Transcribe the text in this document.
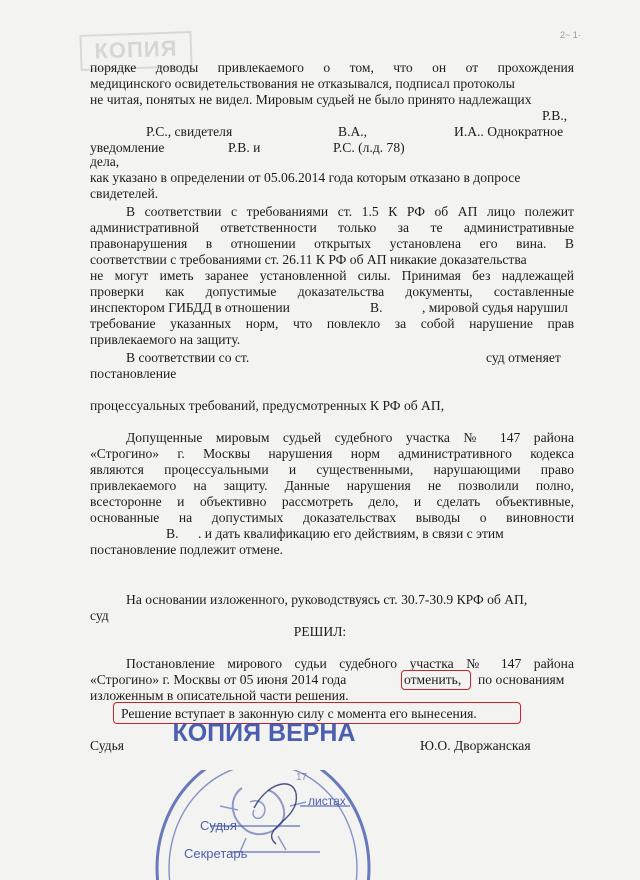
КОПИЯ
2~ 1·
порядке доводы привлекаемого о том, что он от прохождения
медицинского освидетельствования не отказывался, подписал протоколы
не читая, понятых не видел. Мировым судьей не было принято надлежащих
Р.В.,
Р.С., свидетеля	В.А.,	И.А.. Однократное
уведомление	Р.В. и	Р.С. (л.д. 78)
дела,
как указано в определении от 05.06.2014 года которым отказано в допросе
свидетелей.
В соответствии с требованиями ст. 1.5 К РФ об АП лицо полежит
административной ответственности только за те административные
правонарушения в отношении открытых установлена его вина. В
соответствии с требованиями ст. 26.11 К РФ об АП никакие доказательства
не могут иметь заранее установленной силы. Принимая без надлежащей
проверки как допустимые доказательства документы, составленные
инспектором ГИБДД в отношении	В.	, мировой судья нарушил
требование указанных норм, что повлекло за собой нарушение прав
привлекаемого на защиту.
В соответствии со ст.	суд отменяет
постановление
процессуальных требований, предусмотренных К РФ об АП,
Допущенные мировым судьей судебного участка № 147 района
«Строгино» г. Москвы нарушения норм административного кодекса
являются процессуальными и существенными, нарушающими право
привлекаемого на защиту. Данные нарушения не позволили полно,
всесторонне и объективно рассмотреть дело, и сделать объективные,
основанные на допустимых доказательствах выводы о виновности
В. . и дать квалификацию его действиям, в связи с этим
постановление подлежит отмене.
На основании изложенного, руководствуясь ст. 30.7-30.9 КРФ об АП,
суд
РЕШИЛ:
Постановление мирового судьи судебного участка № 147 района
«Строгино» г. Москвы от 05 июня 2014 года	отменить, по основаниям
изложенным в описательной части решения.
Решение вступает в законную силу с момента его вынесения.
Судья	Ю.О. Дворжанская
КОПИЯ ВЕРНА
листах
Судья
Секретарь
17
